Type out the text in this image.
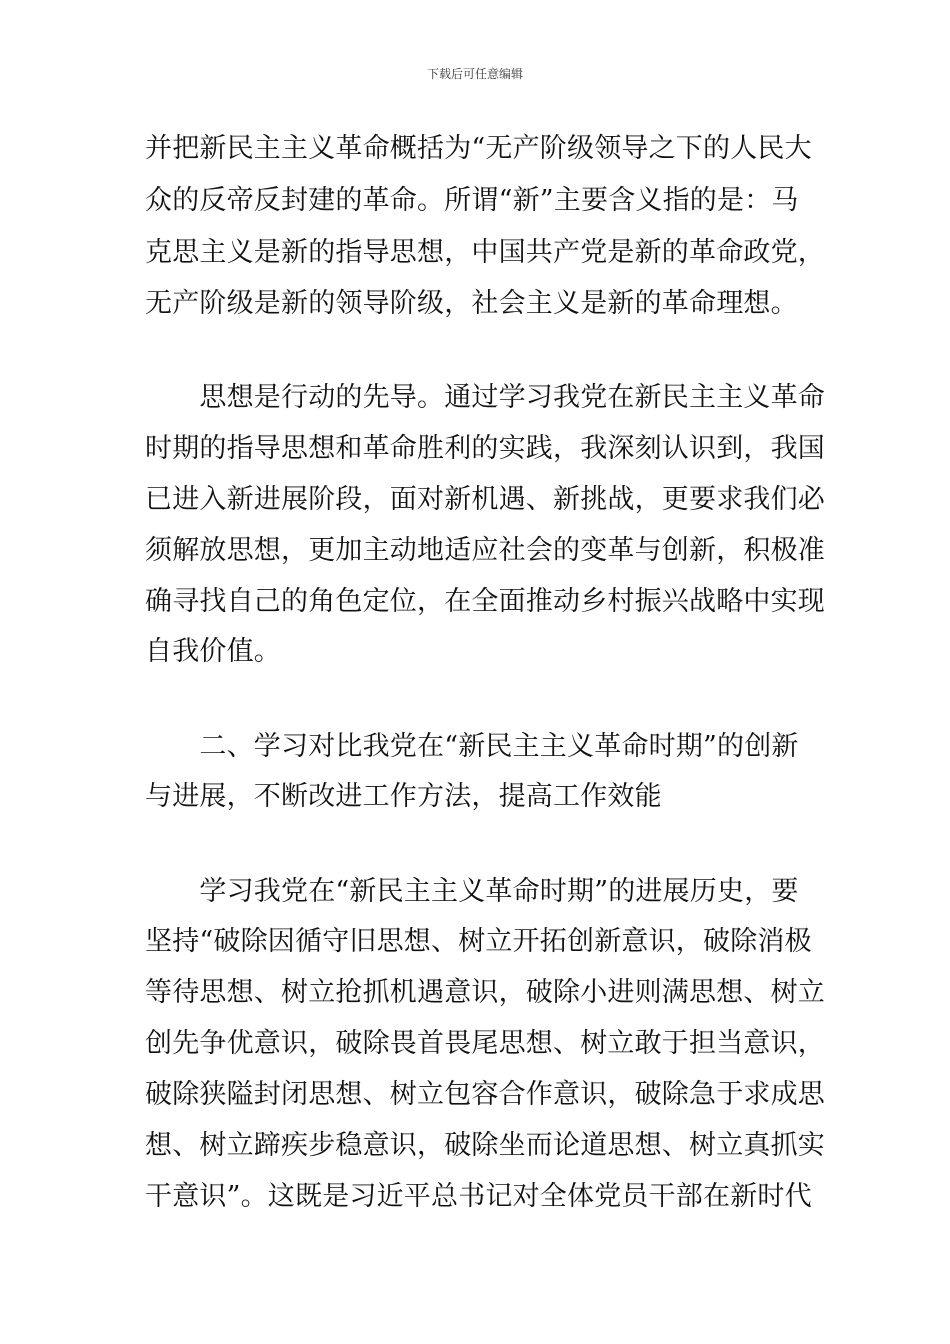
下载后可任意编辑
并把新民主主义革命概括为“无产阶级领导之下的人民大
众的反帝反封建的革命。所谓“新”主要含义指的是：马
克思主义是新的指导思想，中国共产党是新的革命政党，
无产阶级是新的领导阶级，社会主义是新的革命理想。
　　思想是行动的先导。通过学习我党在新民主主义革命
时期的指导思想和革命胜利的实践，我深刻认识到，我国
已进入新进展阶段，面对新机遇、新挑战，更要求我们必
须解放思想，更加主动地适应社会的变革与创新，积极准
确寻找自己的角色定位，在全面推动乡村振兴战略中实现
自我价值。
　　二、学习对比我党在“新民主主义革命时期”的创新
与进展，不断改进工作方法，提高工作效能
　　学习我党在“新民主主义革命时期”的进展历史，要
坚持“破除因循守旧思想、树立开拓创新意识，破除消极
等待思想、树立抢抓机遇意识，破除小进则满思想、树立
创先争优意识，破除畏首畏尾思想、树立敢于担当意识，
破除狭隘封闭思想、树立包容合作意识，破除急于求成思
想、树立蹄疾步稳意识，破除坐而论道思想、树立真抓实
干意识”。这既是习近平总书记对全体党员干部在新时代
